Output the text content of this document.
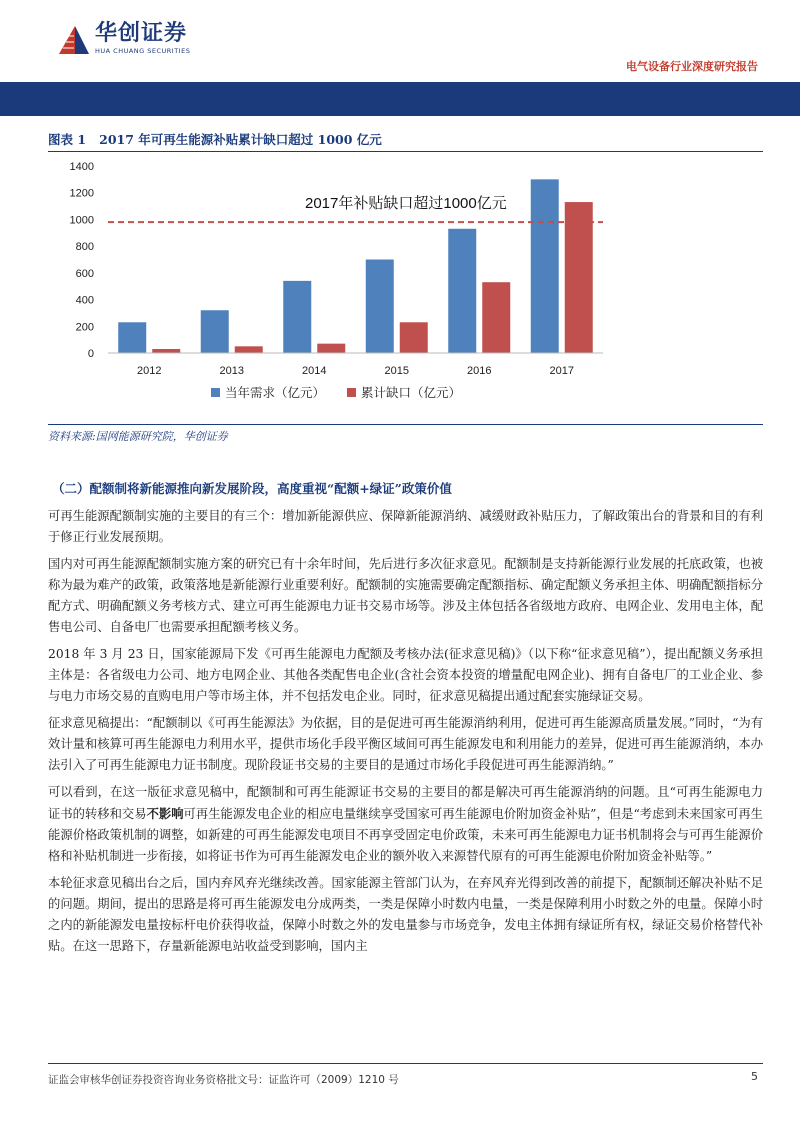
华创证券
HUA CHUANG SECURITIES
电气设备行业深度研究报告
图表 1 2017 年可再生能源补贴累计缺口超过 1000 亿元
0
200
400
600
800
1000
1200
1400
2012	2013	2014	2015	2016	2017
2017年补贴缺口超过1000亿元
当年需求（亿元）	累计缺口（亿元）
资料来源:国网能源研究院，华创证券
（二）配额制将新能源推向新发展阶段，高度重视“配额+绿证”政策价值

可再生能源配额制实施的主要目的有三个：增加新能源供应、保障新能源消纳、减缓财政补贴压力，了解政策出台的背景和目的有利于修正行业发展预期。

国内对可再生能源配额制实施方案的研究已有十余年时间，先后进行多次征求意见。配额制是支持新能源行业发展的托底政策，也被称为最为难产的政策，政策落地是新能源行业重要利好。配额制的实施需要确定配额指标、确定配额义务承担主体、明确配额指标分配方式、明确配额义务考核方式、建立可再生能源电力证书交易市场等。涉及主体包括各省级地方政府、电网企业、发用电主体，配售电公司、自备电厂也需要承担配额考核义务。

2018 年 3 月 23 日，国家能源局下发《可再生能源电力配额及考核办法(征求意见稿)》（以下称“征求意见稿”），提出配额义务承担主体是：各省级电力公司、地方电网企业、其他各类配售电企业(含社会资本投资的增量配电网企业)、拥有自备电厂的工业企业、参与电力市场交易的直购电用户等市场主体，并不包括发电企业。同时，征求意见稿提出通过配套实施绿证交易。

征求意见稿提出：“配额制以《可再生能源法》为依据，目的是促进可再生能源消纳利用，促进可再生能源高质量发展。”同时，“为有效计量和核算可再生能源电力利用水平，提供市场化手段平衡区域间可再生能源发电和利用能力的差异，促进可再生能源消纳，本办法引入了可再生能源电力证书制度。现阶段证书交易的主要目的是通过市场化手段促进可再生能源消纳。”

可以看到，在这一版征求意见稿中，配额制和可再生能源证书交易的主要目的都是解决可再生能源消纳的问题。且“可再生能源电力证书的转移和交易不影响可再生能源发电企业的相应电量继续享受国家可再生能源电价附加资金补贴”，但是“考虑到未来国家可再生能源价格政策机制的调整，如新建的可再生能源发电项目不再享受固定电价政策，未来可再生能源电力证书机制将会与可再生能源价格和补贴机制进一步衔接，如将证书作为可再生能源发电企业的额外收入来源替代原有的可再生能源电价附加资金补贴等。”

本轮征求意见稿出台之后，国内弃风弃光继续改善。国家能源主管部门认为，在弃风弃光得到改善的前提下，配额制还解决补贴不足的问题。期间，提出的思路是将可再生能源发电分成两类，一类是保障小时数内电量，一类是保障利用小时数之外的电量。保障小时之内的新能源发电量按标杆电价获得收益，保障小时数之外的发电量参与市场竞争，发电主体拥有绿证所有权，绿证交易价格替代补贴。在这一思路下，存量新能源电站收益受到影响，国内主

证监会审核华创证券投资咨询业务资格批文号：证监许可（2009）1210 号	5
